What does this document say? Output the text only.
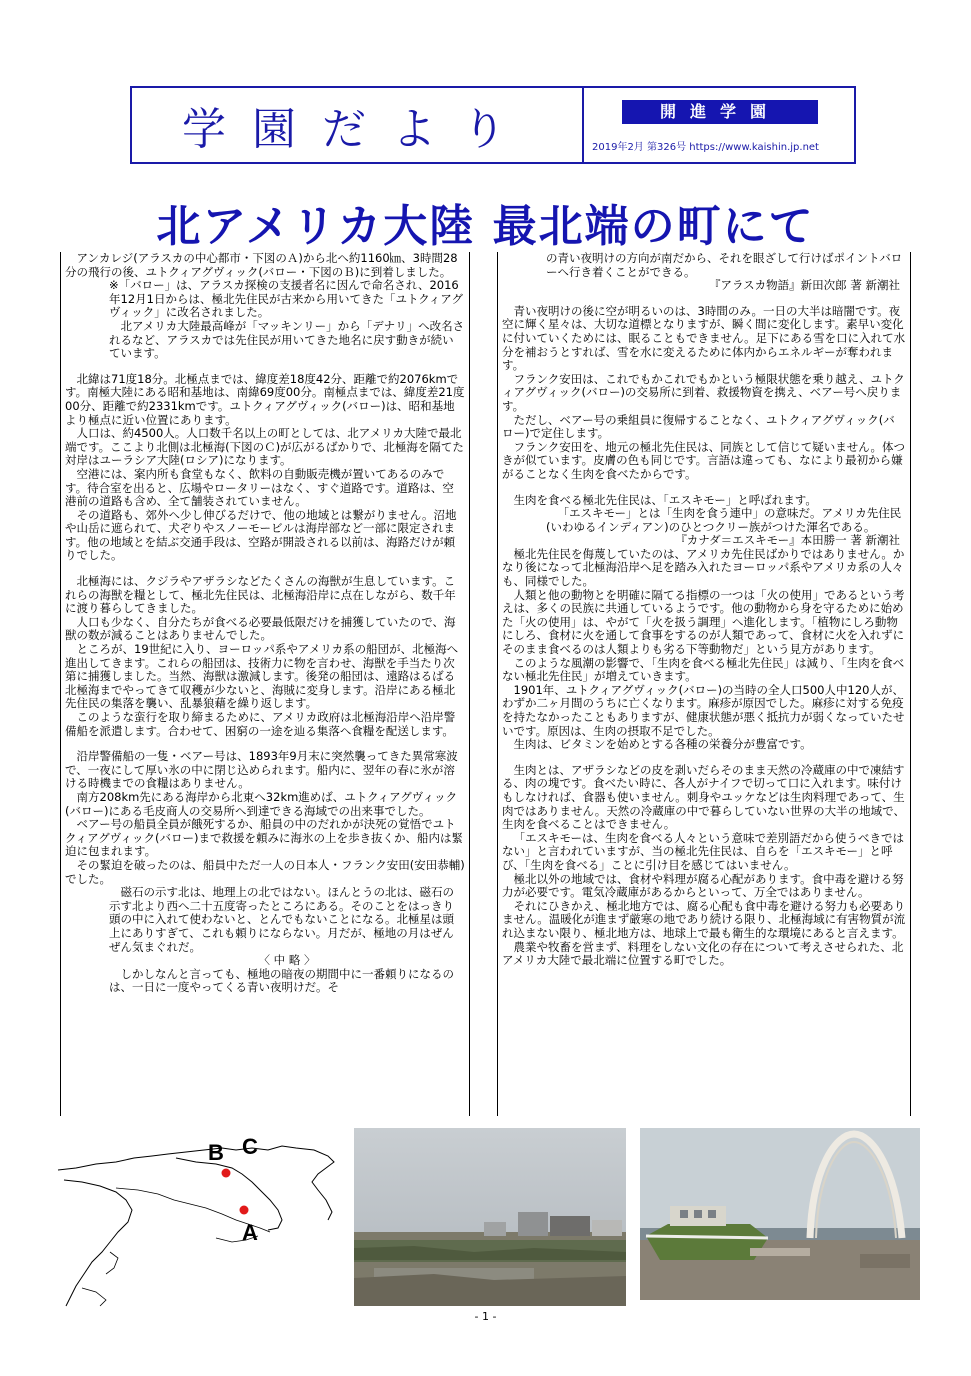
学園だより	開進学園
2019年2月 第326号 https://www.kaishin.jp.net
北アメリカ大陸 最北端の町にて

アンカレジ(アラスカの中心都市・下図のＡ)から北へ約1160㎞、3時間28分の飛行の後、ユトクィアグヴィック(バロー・下図のＢ)に到着しました。

※「バロー」は、アラスカ探検の支援者名に因んで命名され、2016年12月1日からは、極北先住民が古来から用いてきた「ユトクィアグヴィック」に改名されました。

北アメリカ大陸最高峰が「マッキンリー」から「デナリ」へ改名されるなど、アラスカでは先住民が用いてきた地名に戻す動きが続いています。

北緯は71度18分。北極点までは、緯度差18度42分、距離で約2076kmです。南極大陸にある昭和基地は、南緯69度00分。南極点までは、緯度差21度00分、距離で約2331kmです。ユトクィアグヴィック(バロー)は、昭和基地より極点に近い位置にあります。

人口は、約4500人。人口数千名以上の町としては、北アメリカ大陸で最北端です。ここより北側は北極海(下図のＣ)が広がるばかりで、北極海を隔てた対岸はユーラシア大陸(ロシア)になります。

空港には、案内所も食堂もなく、飲料の自動販売機が置いてあるのみです。待合室を出ると、広場やロータリーはなく、すぐ道路です。道路は、空港前の道路も含め、全て舗装されていません。

その道路も、郊外へ少し伸びるだけで、他の地域とは繋がりません。沼地や山岳に遮られて、犬ぞりやスノーモービルは海岸部など一部に限定されます。他の地域とを結ぶ交通手段は、空路が開設される以前は、海路だけが頼りでした。

北極海には、クジラやアザラシなどたくさんの海獣が生息しています。これらの海獣を糧として、極北先住民は、北極海沿岸に点在しながら、数千年に渡り暮らしてきました。

人口も少なく、自分たちが食べる必要最低限だけを捕獲していたので、海獣の数が減ることはありませんでした。

ところが、19世紀に入り、ヨーロッパ系やアメリカ系の船団が、北極海へ進出してきます。これらの船団は、技術力に物を言わせ、海獣を手当たり次第に捕獲しました。当然、海獣は激減します。後発の船団は、遠路はるばる北極海までやってきて収穫が少ないと、海賊に変身します。沿岸にある極北先住民の集落を襲い、乱暴狼藉を繰り返します。

このような蛮行を取り締まるために、アメリカ政府は北極海沿岸へ沿岸警備船を派遣します。合わせて、困窮の一途を辿る集落へ食糧を配送します。

沿岸警備船の一隻・ベアー号は、1893年9月末に突然襲ってきた異常寒波で、一夜にして厚い氷の中に閉じ込められます。船内に、翌年の春に氷が溶ける時機までの食糧はありません。

南方208km先にある海岸から北東へ32km進めば、ユトクィアグヴィック(バロー)にある毛皮商人の交易所へ到達できる海域での出来事でした。

ベアー号の船員全員が餓死するか、船員の中のだれかが決死の覚悟でユトクィアグヴィック(バロー)まで救援を頼みに海氷の上を歩き抜くか、船内は緊迫に包まれます。

その緊迫を破ったのは、船員中ただ一人の日本人・フランク安田(安田恭輔)でした。

磁石の示す北は、地理上の北ではない。ほんとうの北は、磁石の示す北より西へ二十五度寄ったところにある。そのことをはっきり頭の中に入れて使わないと、とんでもないことになる。北極星は頭上にありすぎて、これも頼りにならない。月だが、極地の月はぜんぜん気まぐれだ。

〈 中 略 〉

しかしなんと言っても、極地の暗夜の期間中に一番頼りになるのは、一日に一度やってくる青い夜明けだ。そ

の青い夜明けの方向が南だから、それを眼ざして行けばポイントバローへ行き着くことができる。

『アラスカ物語』新田次郎 著 新潮社

青い夜明けの後に空が明るいのは、3時間のみ。一日の大半は暗闇です。夜空に輝く星々は、大切な道標となりますが、瞬く間に変化します。素早い変化に付いていくためには、眠ることもできません。足下にある雪を口に入れて水分を補おうとすれば、雪を水に変えるために体内からエネルギーが奪われます。

フランク安田は、これでもかこれでもかという極限状態を乗り越え、ユトクィアグヴィック(バロー)の交易所に到着、救援物資を携え、ベアー号へ戻ります。

ただし、ベアー号の乗組員に復帰することなく、ユトクィアグヴィック(バロー)で定住します。

フランク安田を、地元の極北先住民は、同族として信じて疑いません。体つきが似ています。皮膚の色も同じです。言語は違っても、なにより最初から嫌がることなく生肉を食べたからです。

生肉を食べる極北先住民は、「エスキモー」と呼ばれます。

「エスキモー」とは「生肉を食う連中」の意味だ。アメリカ先住民(いわゆるインディアン)のひとつクリー族がつけた渾名である。

『カナダ＝エスキモー』本田勝一 著 新潮社

極北先住民を侮蔑していたのは、アメリカ先住民ばかりではありません。かなり後になって北極海沿岸へ足を踏み入れたヨーロッパ系やアメリカ系の人々も、同様でした。

人類と他の動物とを明確に隔てる指標の一つは「火の使用」であるという考えは、多くの民族に共通しているようです。他の動物から身を守るために始めた「火の使用」は、やがて「火を扱う調理」へ進化します。「植物にしろ動物にしろ、食材に火を通して食事をするのが人類であって、食材に火を入れずにそのまま食べるのは人類よりも劣る下等動物だ」という見方があります。

このような風潮の影響で、「生肉を食べる極北先住民」は減り、「生肉を食べない極北先住民」が増えていきます。

1901年、ユトクィアグヴィック(バロー)の当時の全人口500人中120人が、わずか二ヶ月間のうちに亡くなります。麻疹が原因でした。麻疹に対する免疫を持たなかったこともありますが、健康状態が悪く抵抗力が弱くなっていたせいです。原因は、生肉の摂取不足でした。

生肉は、ビタミンを始めとする各種の栄養分が豊富です。

生肉とは、アザラシなどの皮を剥いだらそのまま天然の冷蔵庫の中で凍結する、肉の塊です。食べたい時に、各人がナイフで切って口に入れます。味付けもしなければ、食器も使いません。刺身やユッケなどは生肉料理であって、生肉ではありません。天然の冷蔵庫の中で暮らしていない世界の大半の地域で、生肉を食べることはできません。

「エスキモーは、生肉を食べる人々という意味で差別語だから使うべきではない」と言われていますが、当の極北先住民は、自らを「エスキモー」と呼び、「生肉を食べる」ことに引け目を感じてはいません。

極北以外の地域では、食材や料理が腐る心配があります。食中毒を避ける努力が必要です。電気冷蔵庫があるからといって、万全ではありません。

それにひきかえ、極北地方では、腐る心配も食中毒を避ける努力も必要ありません。温暖化が進まず厳寒の地であり続ける限り、北極海域に有害物質が流れ込まない限り、極北地方は、地球上で最も衛生的な環境にあると言えます。

農業や牧畜を営まず、料理をしない文化の存在について考えさせられた、北アメリカ大陸で最北端に位置する町でした。

B C
A
- 1 -
